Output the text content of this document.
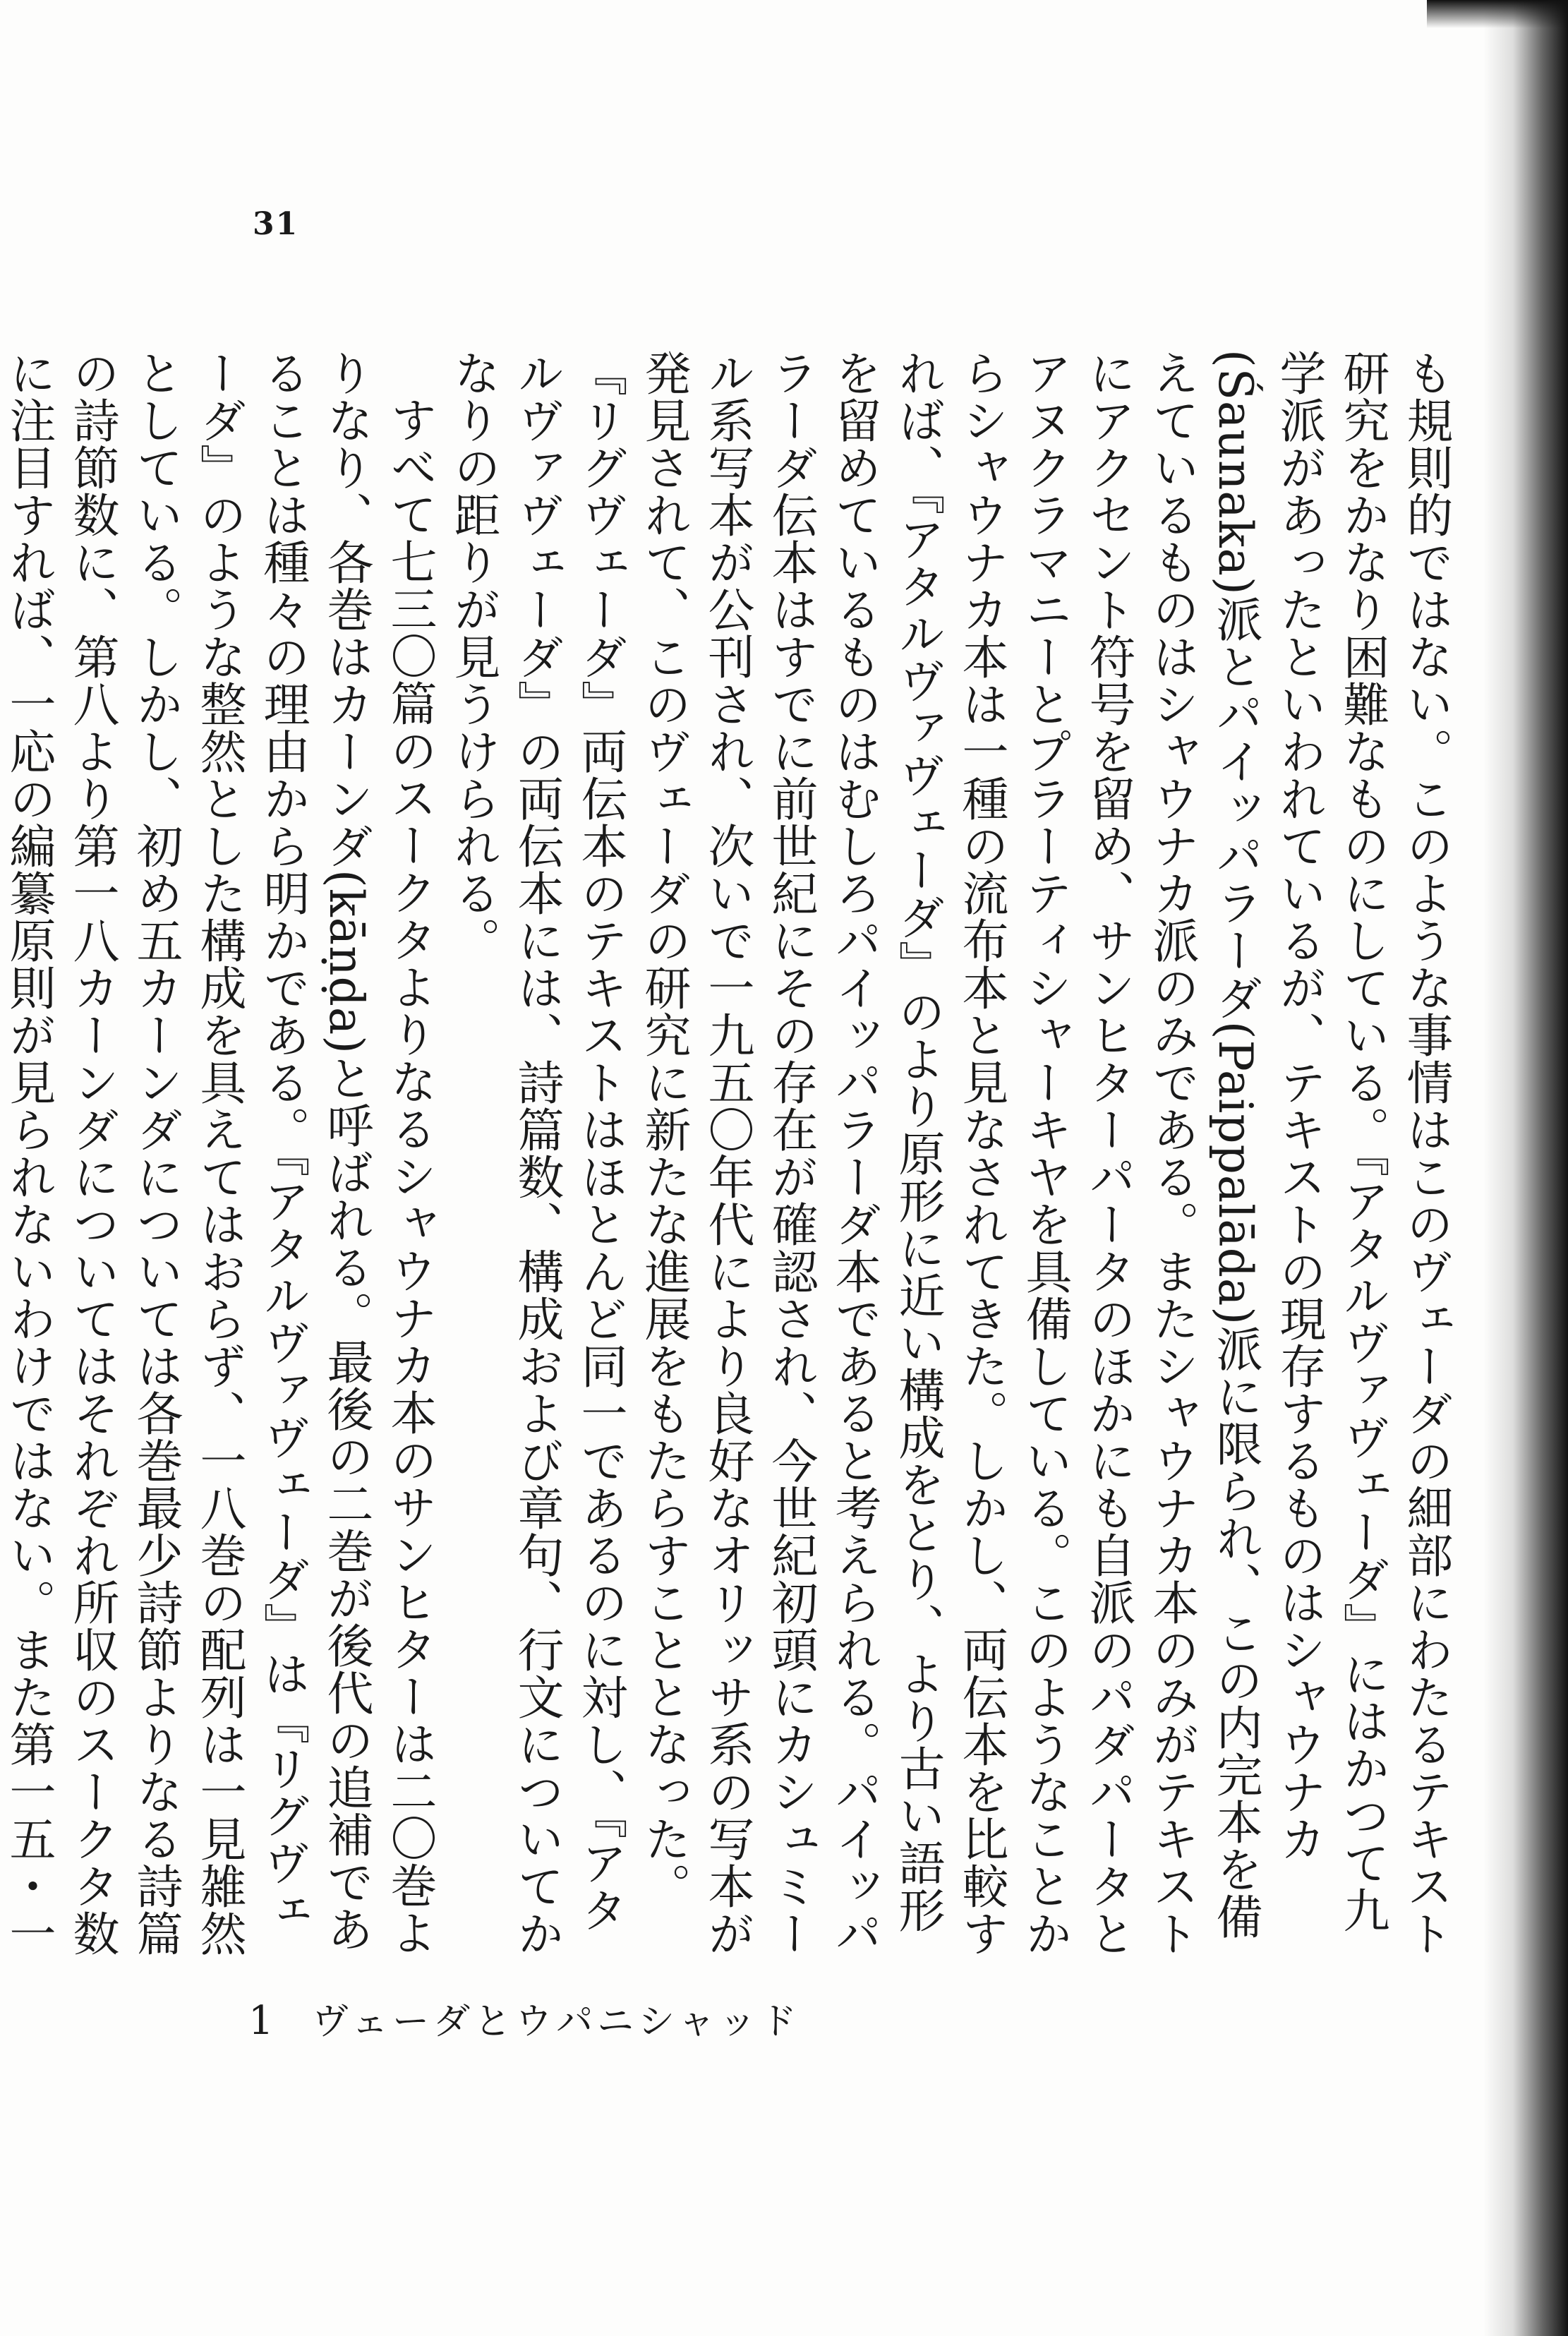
31

も規則的ではない。このような事情はこのヴェーダの細部にわたるテキスト研究をかなり困難なものにしている。『アタルヴァヴェーダ』にはかつて九学派があったといわれているが、テキストの現存するものはシャウナカ(Śaunaka)派とパイッパラーダ(Paippalāda)派に限られ、この内完本を備えているものはシャウナカ派のみである。またシャウナカ本のみがテキストにアクセント符号を留め、サンヒターパータのほかにも自派のパダパータとアヌクラマニーとプラーティシャーキヤを具備している。このようなことからシャウナカ本は一種の流布本と見なされてきた。しかし、両伝本を比較すれば、『アタルヴァヴェーダ』のより原形に近い構成をとり、より古い語形を留めているものはむしろパイッパラーダ本であると考えられる。パイッパラーダ伝本はすでに前世紀にその存在が確認され、今世紀初頭にカシュミール系写本が公刊され、次いで一九五〇年代により良好なオリッサ系の写本が発見されて、このヴェーダの研究に新たな進展をもたらすこととなった。『リグヴェーダ』両伝本のテキストはほとんど同一であるのに対し、『アタルヴァヴェーダ』の両伝本には、詩篇数、構成および章句、行文についてかなりの距りが見うけられる。

すべて七三〇篇のスークタよりなるシャウナカ本のサンヒターは二〇巻よりなり、各巻はカーンダ(kāṇḍa)と呼ばれる。最後の二巻が後代の追補であることは種々の理由から明かである。『アタルヴァヴェーダ』は『リグヴェーダ』のような整然とした構成を具えてはおらず、一八巻の配列は一見雑然としている。しかし、初め五カーンダについては各巻最少詩節よりなる詩篇の詩節数に、第八より第一八カーンダについてはそれぞれ所収のスークタ数に注目すれば、一応の編纂原則が見られないわけではない。また第一五・一

1 ヴェーダとウパニシャッド
